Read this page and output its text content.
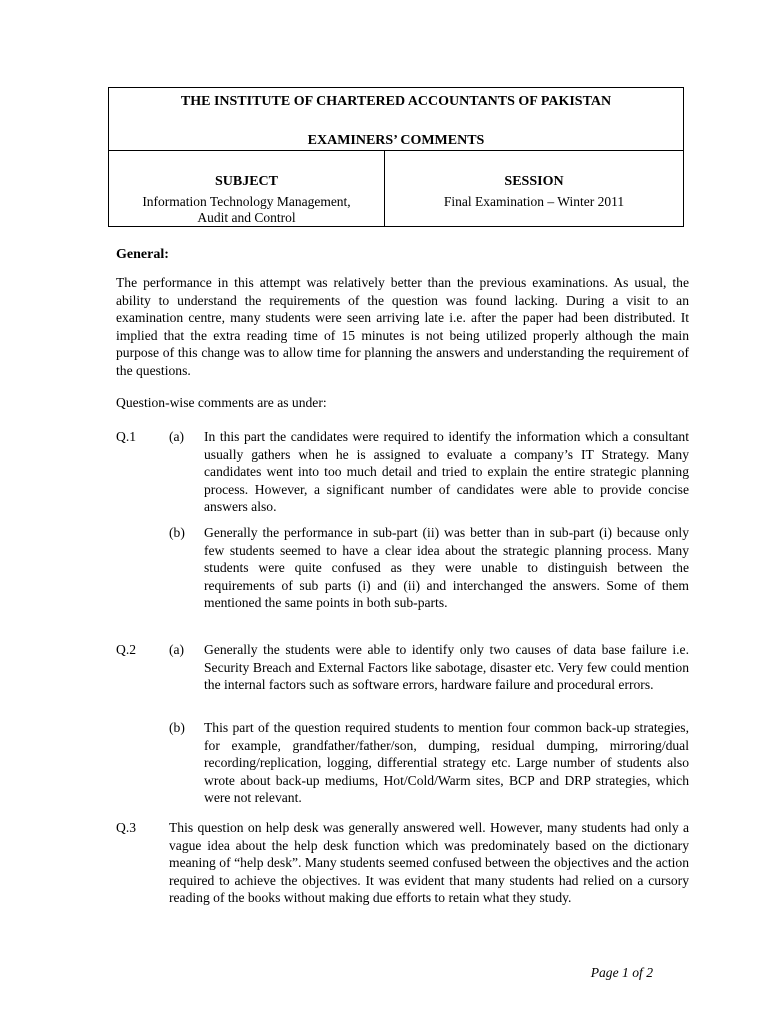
THE INSTITUTE OF CHARTERED ACCOUNTANTS OF PAKISTAN
EXAMINERS’ COMMENTS
SUBJECT
Information Technology Management,
Audit and Control
SESSION
Final Examination – Winter 2011
General:
The performance in this attempt was relatively better than the previous examinations. As usual, the ability to understand the requirements of the question was found lacking. During a visit to an examination centre, many students were seen arriving late i.e. after the paper had been distributed. It implied that the extra reading time of 15 minutes is not being utilized properly although the main purpose of this change was to allow time for planning the answers and understanding the requirement of the questions.
Question-wise comments are as under:
Q.1 (a) In this part the candidates were required to identify the information which a consultant usually gathers when he is assigned to evaluate a company’s IT Strategy. Many candidates went into too much detail and tried to explain the entire strategic planning process. However, a significant number of candidates were able to provide concise answers also.
(b) Generally the performance in sub-part (ii) was better than in sub-part (i) because only few students seemed to have a clear idea about the strategic planning process. Many students were quite confused as they were unable to distinguish between the requirements of sub parts (i) and (ii) and interchanged the answers. Some of them mentioned the same points in both sub-parts.
Q.2 (a) Generally the students were able to identify only two causes of data base failure i.e. Security Breach and External Factors like sabotage, disaster etc. Very few could mention the internal factors such as software errors, hardware failure and procedural errors.
(b) This part of the question required students to mention four common back-up strategies, for example, grandfather/father/son, dumping, residual dumping, mirroring/dual recording/replication, logging, differential strategy etc. Large number of students also wrote about back-up mediums, Hot/Cold/Warm sites, BCP and DRP strategies, which were not relevant.
Q.3 This question on help desk was generally answered well. However, many students had only a vague idea about the help desk function which was predominately based on the dictionary meaning of “help desk”. Many students seemed confused between the objectives and the action required to achieve the objectives. It was evident that many students had relied on a cursory reading of the books without making due efforts to retain what they study.
Page 1 of 2
